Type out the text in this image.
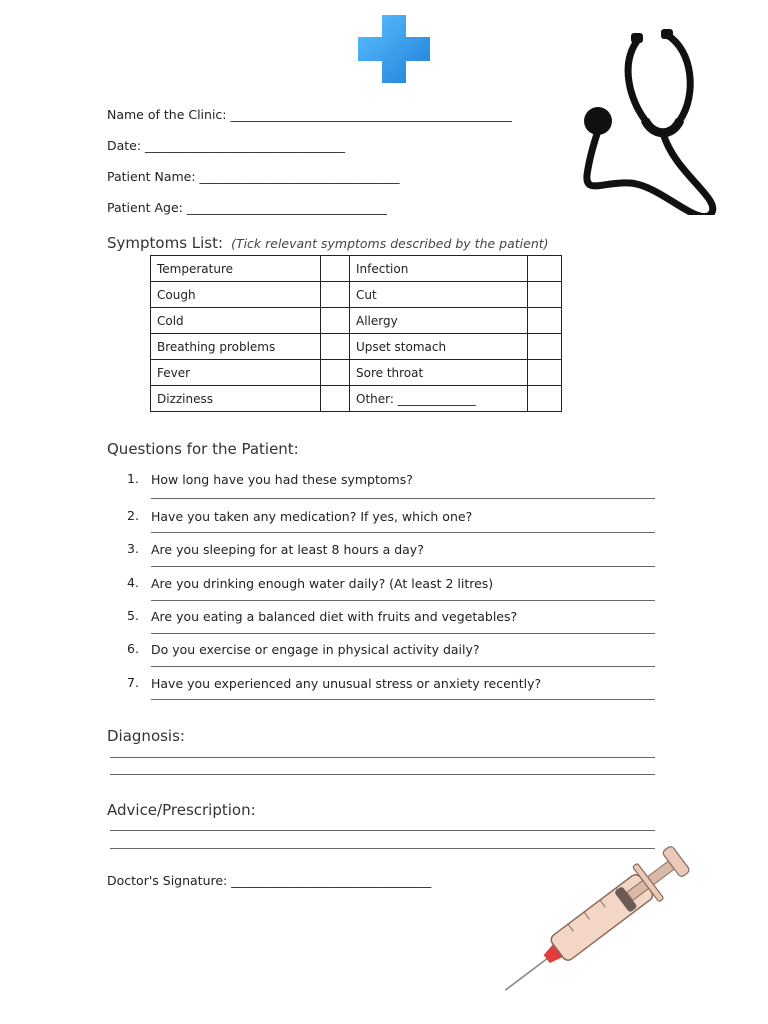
Name of the Clinic: _____________________________________________
Date: ________________________________
Patient Name: ________________________________
Patient Age: ________________________________
Symptoms List: (Tick relevant symptoms described by the patient)
Temperature		Infection	
Cough		Cut	
Cold		Allergy	
Breathing problems		Upset stomach	
Fever		Sore throat	
Dizziness		Other: _____________	
Questions for the Patient:
1. How long have you had these symptoms?
2. Have you taken any medication? If yes, which one?
3. Are you sleeping for at least 8 hours a day?
4. Are you drinking enough water daily? (At least 2 litres)
5. Are you eating a balanced diet with fruits and vegetables?
6. Do you exercise or engage in physical activity daily?
7. Have you experienced any unusual stress or anxiety recently?
Diagnosis:
Advice/Prescription:
Doctor's Signature: ________________________________
